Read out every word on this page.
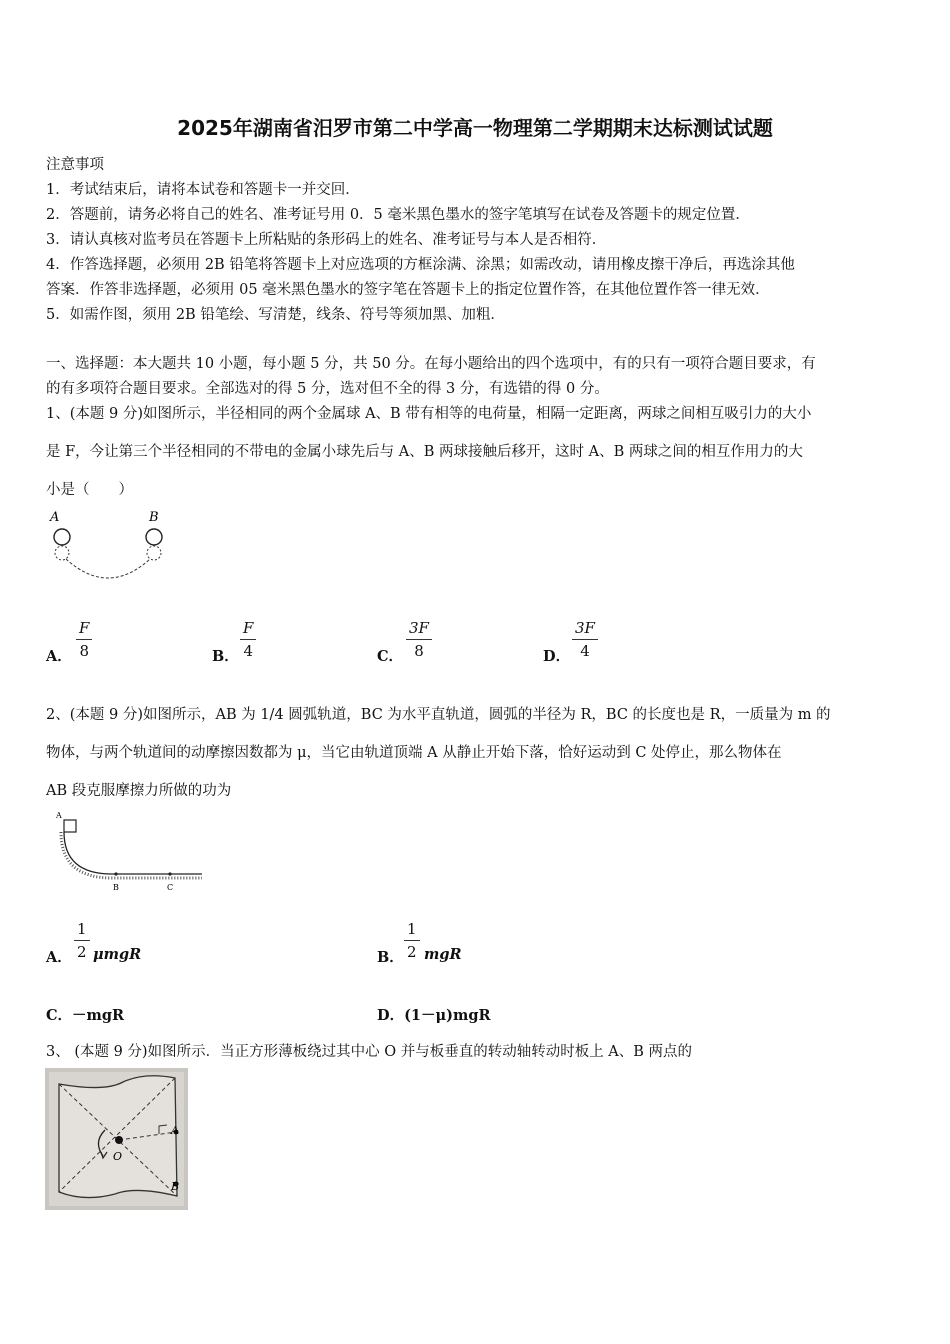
2025年湖南省汨罗市第二中学高一物理第二学期期末达标测试试题
注意事项
1．考试结束后，请将本试卷和答题卡一并交回．
2．答题前，请务必将自己的姓名、准考证号用 0．5 毫米黑色墨水的签字笔填写在试卷及答题卡的规定位置．
3．请认真核对监考员在答题卡上所粘贴的条形码上的姓名、准考证号与本人是否相符．
4．作答选择题，必须用 2B 铅笔将答题卡上对应选项的方框涂满、涂黑；如需改动，请用橡皮擦干净后，再选涂其他
答案．作答非选择题，必须用 05 毫米黑色墨水的签字笔在答题卡上的指定位置作答，在其他位置作答一律无效．
5．如需作图，须用 2B 铅笔绘、写清楚，线条、符号等须加黑、加粗．
一、选择题：本大题共 10 小题，每小题 5 分，共 50 分。在每小题给出的四个选项中，有的只有一项符合题目要求，有
的有多项符合题目要求。全部选对的得 5 分，选对但不全的得 3 分，有选错的得 0 分。
1、(本题 9 分)如图所示，半径相同的两个金属球 A、B 带有相等的电荷量，相隔一定距离，两球之间相互吸引力的大小
是 F，今让第三个半径相同的不带电的金属小球先后与 A、B 两球接触后移开，这时 A、B 两球之间的相互作用力的大
小是（　　）
A	B
A． $\frac{F}{8}$	B． $\frac{F}{4}$	C． $\frac{3F}{8}$	D． $\frac{3F}{4}$
2、(本题 9 分)如图所示，AB 为 1/4 圆弧轨道，BC 为水平直轨道，圆弧的半径为 R，BC 的长度也是 R，一质量为 m 的
物体，与两个轨道间的动摩擦因数都为 μ，当它由轨道顶端 A 从静止开始下落，恰好运动到 C 处停止，那么物体在
AB 段克服摩擦力所做的功为
A
B	C
A． $\frac{1}{2}$ μmgR	B． $\frac{1}{2}$ mgR
C．－mgR	D．(1－μ)mgR
3、 (本题 9 分)如图所示．当正方形薄板绕过其中心 O 并与板垂直的转动轴转动时板上 A、B 两点的
O
A
B
